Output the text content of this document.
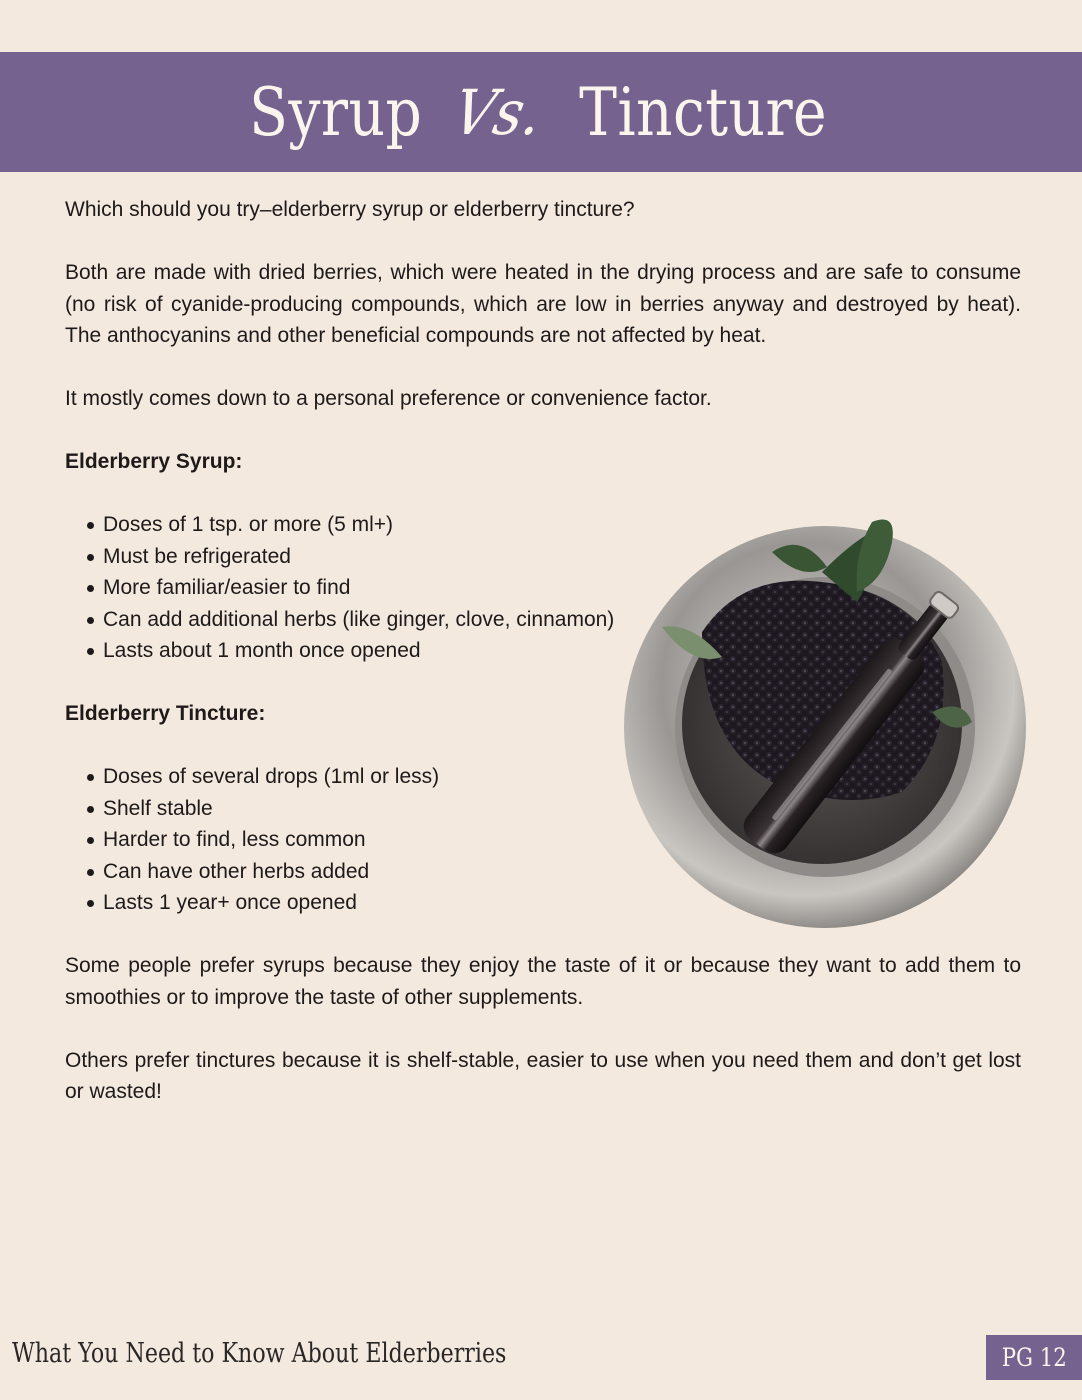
Syrup Vs. Tincture

Which should you try–elderberry syrup or elderberry tincture?

Both are made with dried berries, which were heated in the drying process and are safe to consume (no risk of cyanide-producing compounds, which are low in berries anyway and destroyed by heat). The anthocyanins and other beneficial compounds are not affected by heat.

It mostly comes down to a personal preference or convenience factor.

Elderberry Syrup:
Doses of 1 tsp. or more (5 ml+)
Must be refrigerated
More familiar/easier to find
Can add additional herbs (like ginger, clove, cinnamon)
Lasts about 1 month once opened
Elderberry Tincture:
Doses of several drops (1ml or less)
Shelf stable
Harder to find, less common
Can have other herbs added
Lasts 1 year+ once opened

Some people prefer syrups because they enjoy the taste of it or because they want to add them to smoothies or to improve the taste of other supplements.

Others prefer tinctures because it is shelf-stable, easier to use when you need them and don’t get lost or wasted!

What You Need to Know About Elderberries	PG 12
